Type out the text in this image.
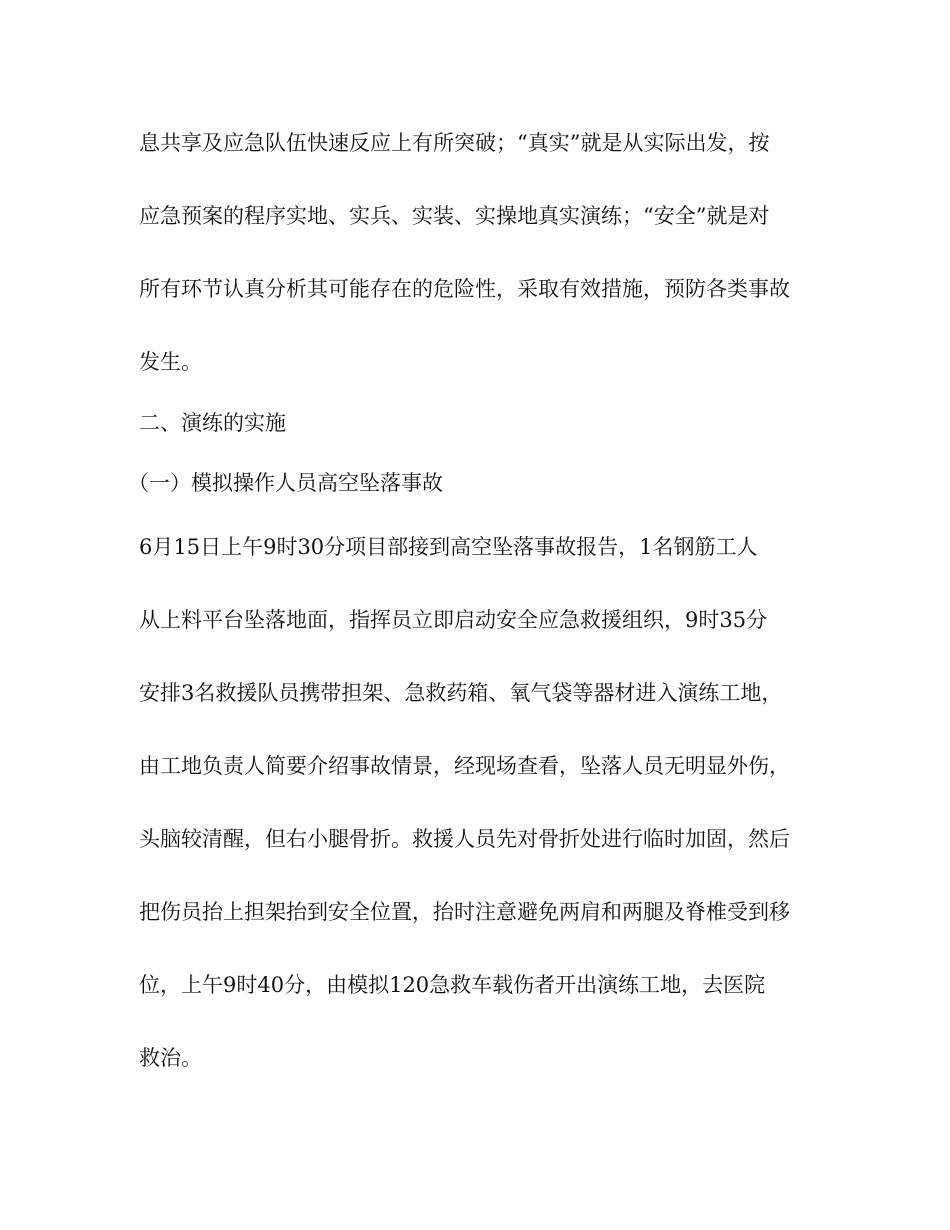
息共享及应急队伍快速反应上有所突破；“真实”就是从实际出发，按
应急预案的程序实地、实兵、实装、实操地真实演练；“安全”就是对
所有环节认真分析其可能存在的危险性，采取有效措施，预防各类事故
发生。
二、演练的实施
（一）模拟操作人员高空坠落事故
6月15日上午9时30分项目部接到高空坠落事故报告，1名钢筋工人
从上料平台坠落地面，指挥员立即启动安全应急救援组织，9时35分
安排3名救援队员携带担架、急救药箱、氧气袋等器材进入演练工地，
由工地负责人简要介绍事故情景，经现场查看，坠落人员无明显外伤，
头脑较清醒，但右小腿骨折。救援人员先对骨折处进行临时加固，然后
把伤员抬上担架抬到安全位置，抬时注意避免两肩和两腿及脊椎受到移
位，上午9时40分，由模拟120急救车载伤者开出演练工地，去医院
救治。
